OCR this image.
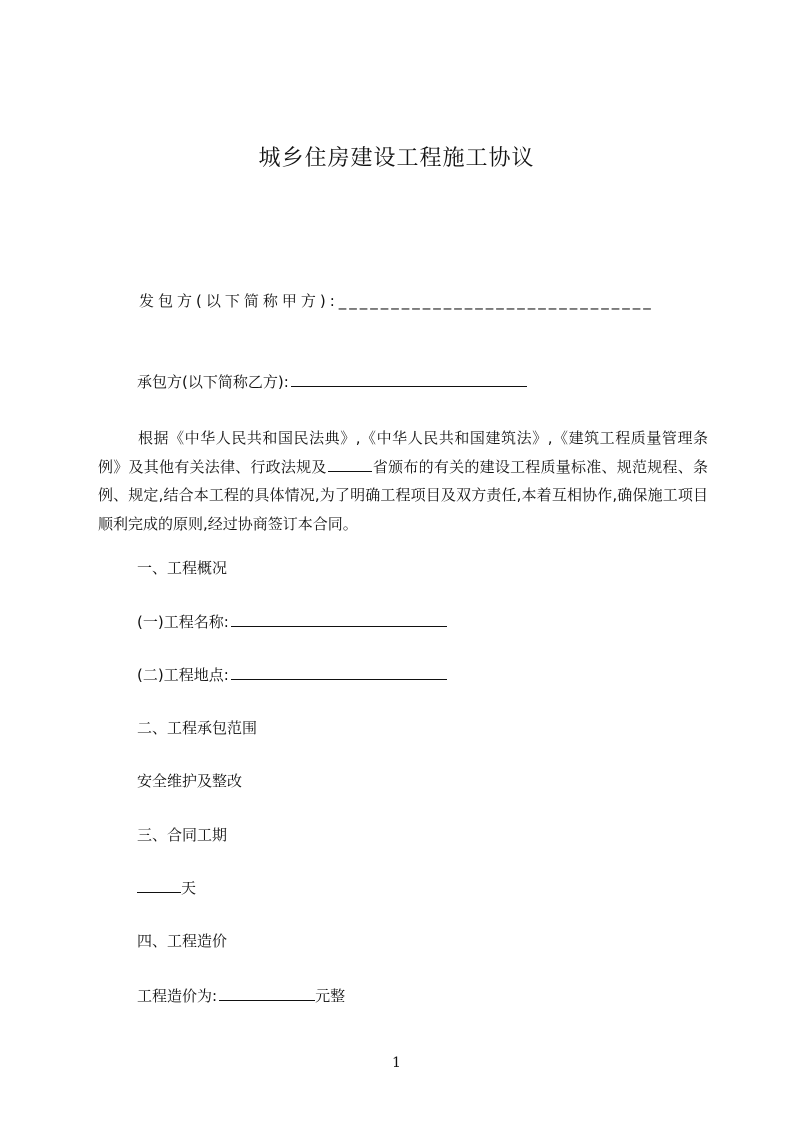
城乡住房建设工程施工协议
发包方(以下简称甲方):______________________________
承包方(以下简称乙方):
根据《中华人民共和国民法典》,《中华人民共和国建筑法》,《建筑工程质量管理条例》及其他有关法律、行政法规及	省颁布的有关的建设工程质量标准、规范规程、条例、规定,结合本工程的具体情况,为了明确工程项目及双方责任,本着互相协作,确保施工项目顺利完成的原则,经过协商签订本合同。
一、工程概况
(一)工程名称:
(二)工程地点:
二、工程承包范围
安全维护及整改
三、合同工期
天
四、工程造价
工程造价为:	元整
1
